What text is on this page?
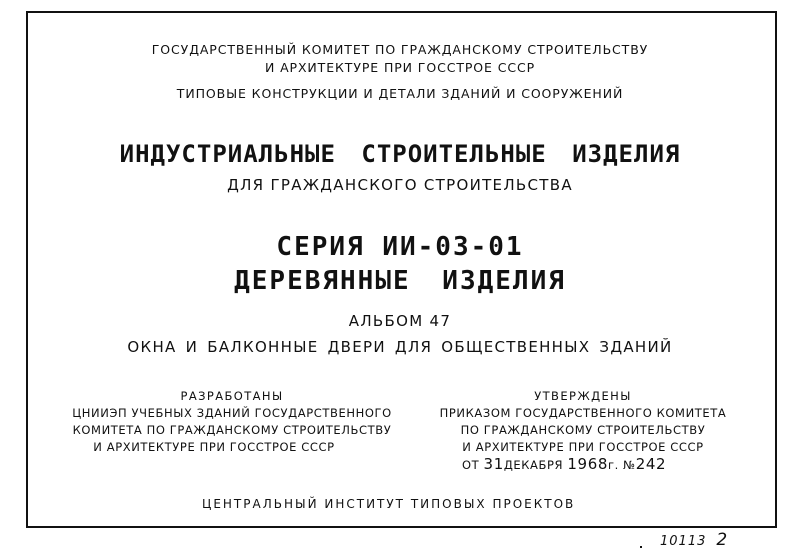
ГОСУДАРСТВЕННЫЙ КОМИТЕТ ПО ГРАЖДАНСКОМУ СТРОИТЕЛЬСТВУ
И АРХИТЕКТУРЕ ПРИ ГОССТРОЕ СССР
ТИПОВЫЕ КОНСТРУКЦИИ И ДЕТАЛИ ЗДАНИЙ И СООРУЖЕНИЙ
ИНДУСТРИАЛЬНЫЕ СТРОИТЕЛЬНЫЕ ИЗДЕЛИЯ
ДЛЯ ГРАЖДАНСКОГО СТРОИТЕЛЬСТВА
СЕРИЯ ИИ-03-01
ДЕРЕВЯННЫЕ ИЗДЕЛИЯ
АЛЬБОМ 47
ОКНА И БАЛКОННЫЕ ДВЕРИ ДЛЯ ОБЩЕСТВЕННЫХ ЗДАНИЙ
РАЗРАБОТАНЫ
ЦНИИЭП УЧЕБНЫХ ЗДАНИЙ ГОСУДАРСТВЕННОГО
КОМИТЕТА ПО ГРАЖДАНСКОМУ СТРОИТЕЛЬСТВУ
И АРХИТЕКТУРЕ ПРИ ГОССТРОЕ СССР
УТВЕРЖДЕНЫ
ПРИКАЗОМ ГОСУДАРСТВЕННОГО КОМИТЕТА
ПО ГРАЖДАНСКОМУ СТРОИТЕЛЬСТВУ
И АРХИТЕКТУРЕ ПРИ ГОССТРОЕ СССР
ОТ 31ДЕКАБРЯ 1968г. №242
ЦЕНТРАЛЬНЫЙ ИНСТИТУТ ТИПОВЫХ ПРОЕКТОВ
10113 2
